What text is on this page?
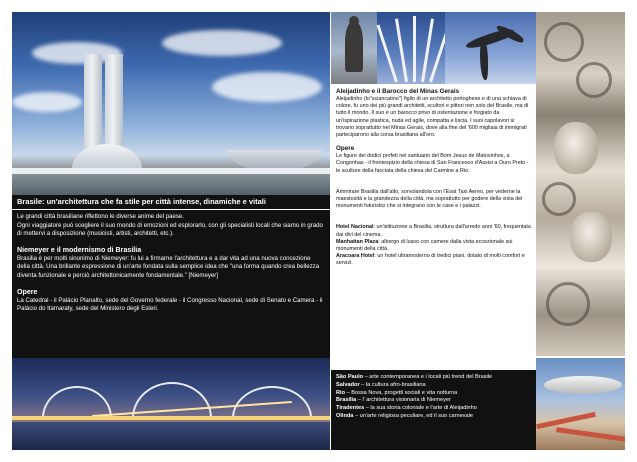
Brasile: un'architettura che fa stile per città intense, dinamiche e vitali

Le grandi città brasiliane riflettono le diverse anime del paese.

Ogni viaggiatore può scegliere il suo mondo di emozioni ed esplorarlo, con gli specialisti locali che siamo in grado di mettervi a disposizione (musicisti, artisti, architetti, etc.).

Niemeyer e il modernismo di Brasilia

Brasilia è per molti sinonimo di Niemeyer: fu lui a firmarne l'architettura e a dar vita ad una nuova concezione della città. Una brillante espressione di un'arte fondata sulla semplice idea che "una forma quando crea bellezza diventa funzionale e perciò architettonicamente fondamentale." [Niemeyer]

Opere

La Catedral - il Palácio Planalto, sede del Governo federale - il Congresso Nacional, sede di Senato e Camera - il Palácio do Itamaraty, sede del Ministero degli Esteri.

Aleijadinho e il Barocco del Minas Gerais

Aleijadinho (lo"sciancatino") figlio di un architetto portoghese e di una schiava di colore, fu uno dei più grandi architetti, scultori e pittori non solo del Brasile, ma di tutto il mondo. Il suo è un barocco privo di ostentazione e forgiato da un'ispirazione plastica, nuda ed agile, compatta e liscia. I suoi capolavori si trovano soprattutto nel Minas Gerais, dove alla fine del '600 migliaia di immigrati parteciparono alla corsa brasiliana all'oro.

Opere

Le figure dei dodici profeti nel santuario del Bom Jesus de Matosinhos, a Congonhas - il frontespizio della chiesa di San Francesco d'Assisi a Ouro Preto - le sculture della facciata della chiesa del Carmine a Rio.

Ammirare Brasilia dall'alto, sorvolandola con l'Esat Taxi Aereo, per vederne la maestosità e la grandezza della città, ma soprattutto per godere della vista dei monumenti futuristici che si integrano con le case e i palazzi.

Hotel Nacional: un'istituzione a Brasilia, struttura dall'arredo anni '60, frequentata dai divi del cinema.

Manhattan Plaza: albergo di lusso con camere dalla vista eccezionale sui monumenti della città.

Aracoara Hotel: un hotel ultramoderno di tredici piani, dotato di molti comfort e servizi.

São Paulo – arte contemporanea e i locali più trend del Brasile

Salvador – la cultura afro-brasiliana

Rio – Bossa Nova, progetti sociali e vita notturna

Brasília – l' architettura visionaria di Niemeyer

Tiradentes – la sua storia coloniale e l'arte di Aleijadinho

Olinda – un'arte religiosa peculiare, ed il suo carnevale
